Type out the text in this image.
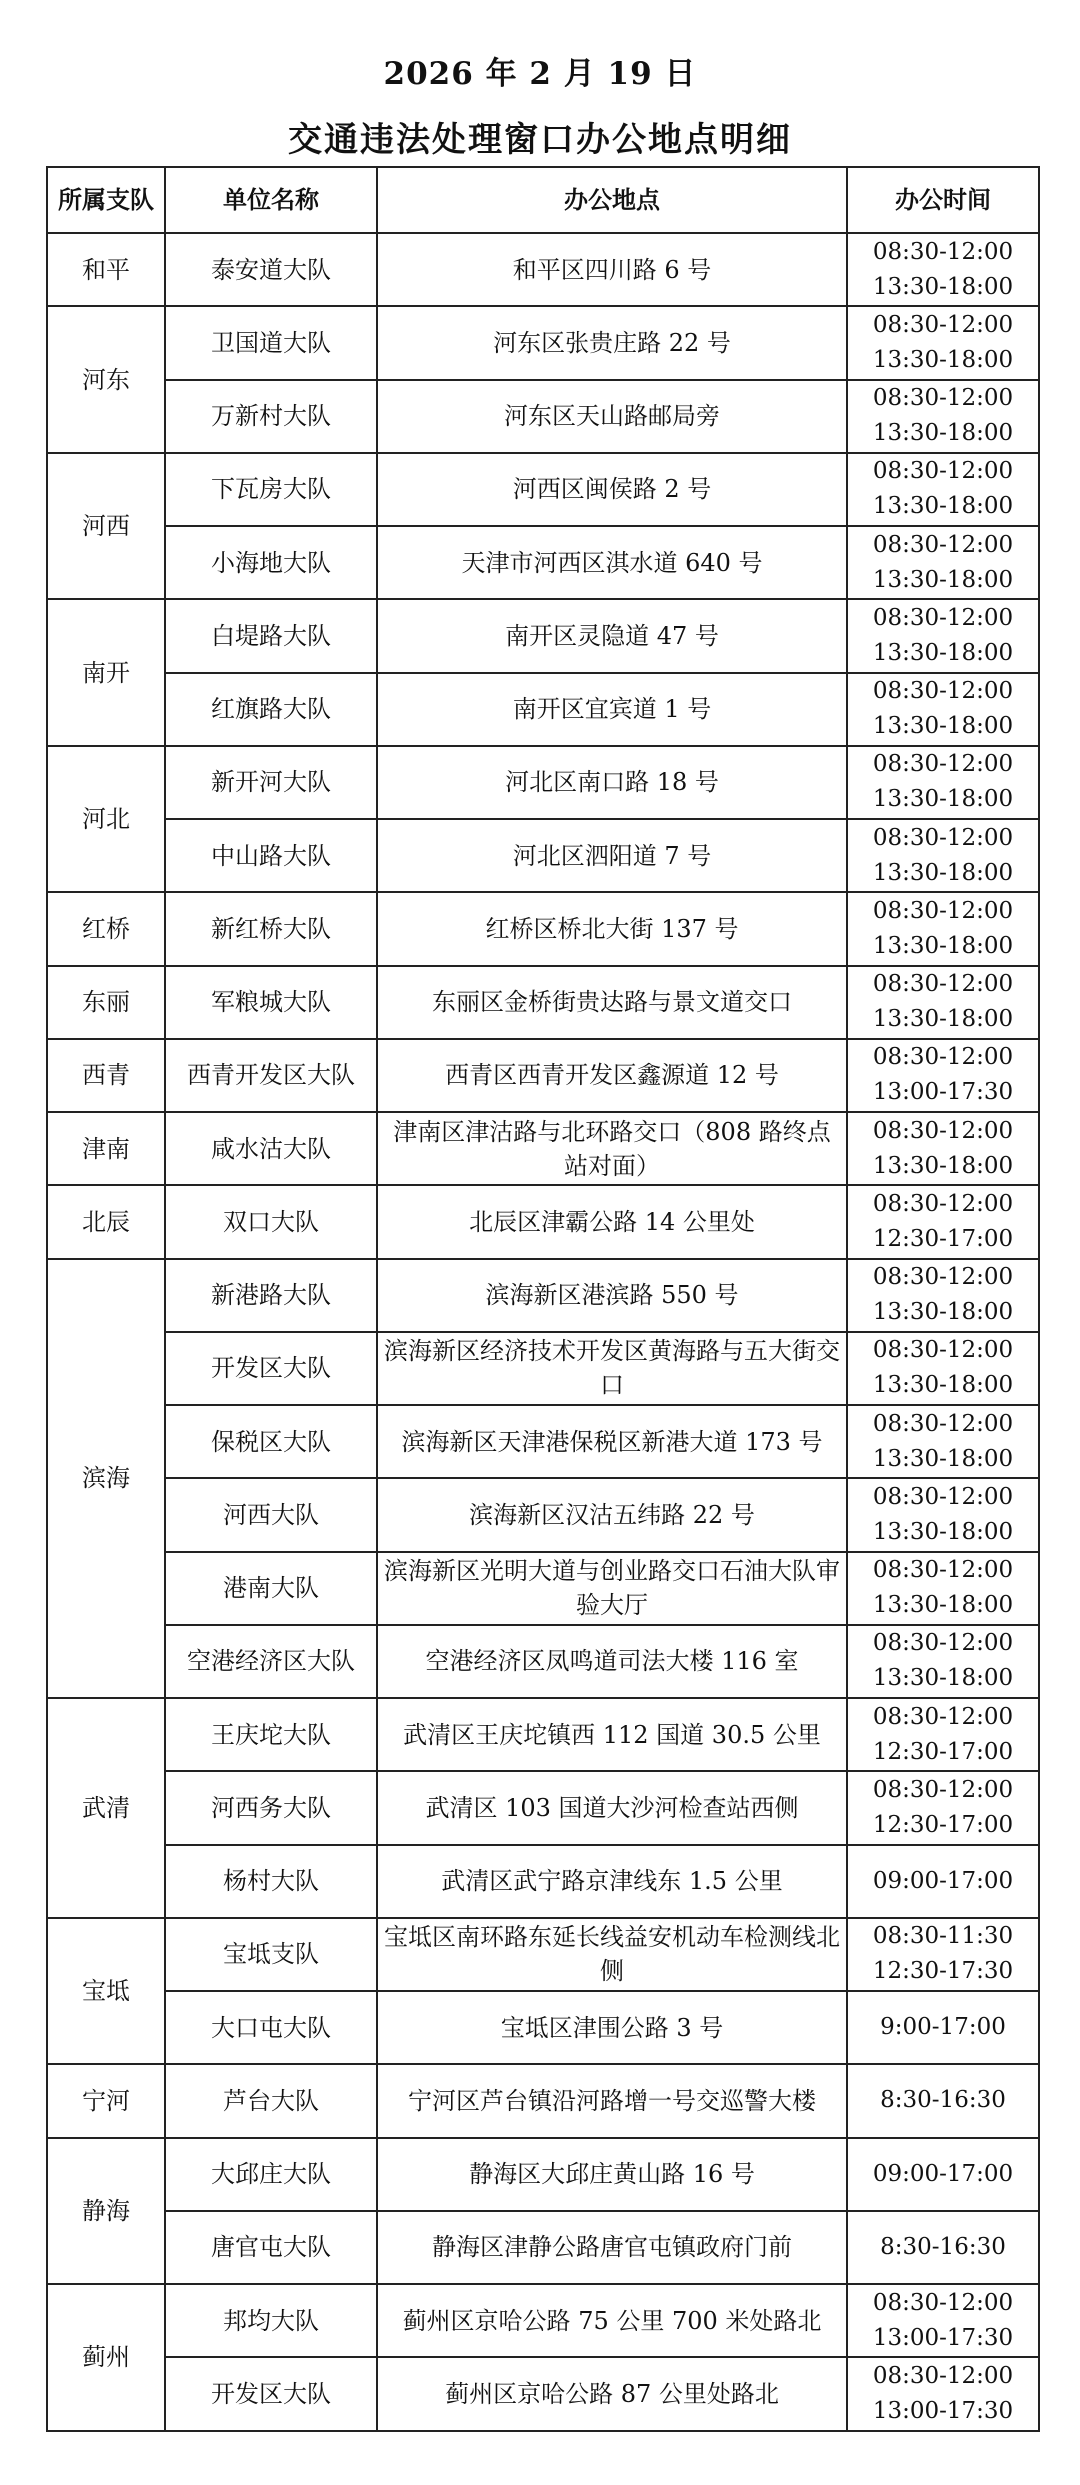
2026 年 2 月 19 日
交通违法处理窗口办公地点明细
所属支队	单位名称	办公地点	办公时间
和平	泰安道大队	和平区四川路 6 号	08:30-12:00
13:30-18:00
河东	卫国道大队	河东区张贵庄路 22 号	08:30-12:00
13:30-18:00
	万新村大队	河东区天山路邮局旁	08:30-12:00
13:30-18:00
河西	下瓦房大队	河西区闽侯路 2 号	08:30-12:00
13:30-18:00
	小海地大队	天津市河西区淇水道 640 号	08:30-12:00
13:30-18:00
南开	白堤路大队	南开区灵隐道 47 号	08:30-12:00
13:30-18:00
	红旗路大队	南开区宜宾道 1 号	08:30-12:00
13:30-18:00
河北	新开河大队	河北区南口路 18 号	08:30-12:00
13:30-18:00
	中山路大队	河北区泗阳道 7 号	08:30-12:00
13:30-18:00
红桥	新红桥大队	红桥区桥北大街 137 号	08:30-12:00
13:30-18:00
东丽	军粮城大队	东丽区金桥街贵达路与景文道交口	08:30-12:00
13:30-18:00
西青	西青开发区大队	西青区西青开发区鑫源道 12 号	08:30-12:00
13:00-17:30
津南	咸水沽大队	津南区津沽路与北环路交口（808 路终点站对面）	08:30-12:00
13:30-18:00
北辰	双口大队	北辰区津霸公路 14 公里处	08:30-12:00
12:30-17:00
滨海	新港路大队	滨海新区港滨路 550 号	08:30-12:00
13:30-18:00
	开发区大队	滨海新区经济技术开发区黄海路与五大街交口	08:30-12:00
13:30-18:00
	保税区大队	滨海新区天津港保税区新港大道 173 号	08:30-12:00
13:30-18:00
	河西大队	滨海新区汉沽五纬路 22 号	08:30-12:00
13:30-18:00
	港南大队	滨海新区光明大道与创业路交口石油大队审验大厅	08:30-12:00
13:30-18:00
	空港经济区大队	空港经济区凤鸣道司法大楼 116 室	08:30-12:00
13:30-18:00
武清	王庆坨大队	武清区王庆坨镇西 112 国道 30.5 公里	08:30-12:00
12:30-17:00
	河西务大队	武清区 103 国道大沙河检查站西侧	08:30-12:00
12:30-17:00
	杨村大队	武清区武宁路京津线东 1.5 公里	09:00-17:00
宝坻	宝坻支队	宝坻区南环路东延长线益安机动车检测线北侧	08:30-11:30
12:30-17:30
	大口屯大队	宝坻区津围公路 3 号	9:00-17:00
宁河	芦台大队	宁河区芦台镇沿河路增一号交巡警大楼	8:30-16:30
静海	大邱庄大队	静海区大邱庄黄山路 16 号	09:00-17:00
	唐官屯大队	静海区津静公路唐官屯镇政府门前	8:30-16:30
蓟州	邦均大队	蓟州区京哈公路 75 公里 700 米处路北	08:30-12:00
13:00-17:30
	开发区大队	蓟州区京哈公路 87 公里处路北	08:30-12:00
13:00-17:30
